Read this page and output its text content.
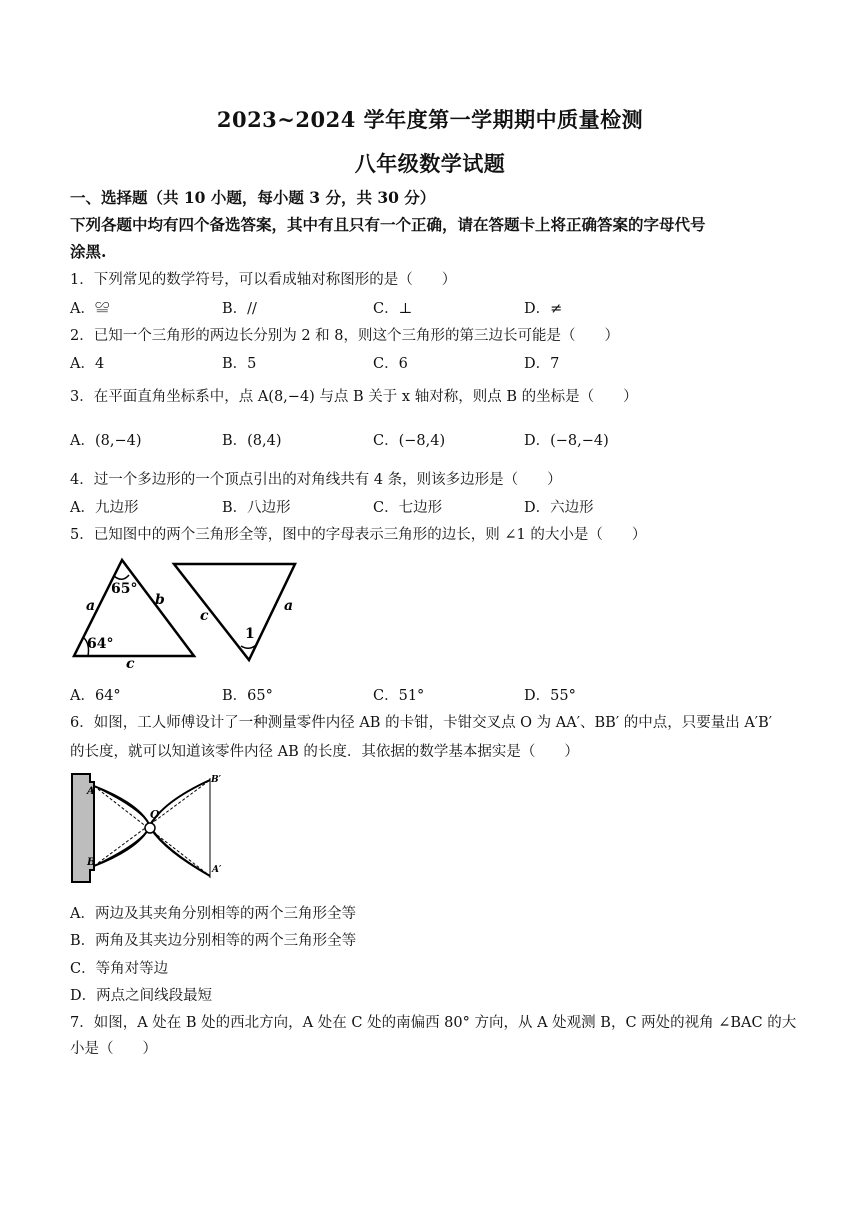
2023~2024 学年度第一学期期中质量检测
八年级数学试题
一、选择题（共 10 小题，每小题 3 分，共 30 分）
下列各题中均有四个备选答案，其中有且只有一个正确，请在答题卡上将正确答案的字母代号
涂黑.
1．下列常见的数学符号，可以看成轴对称图形的是（　　）
A．≌	B．//	C．⊥	D．≠
2．已知一个三角形的两边长分别为 2 和 8，则这个三角形的第三边长可能是（　　）
A．4	B．5	C．6	D．7
3．在平面直角坐标系中，点 A(8,−4) 与点 B 关于 x 轴对称，则点 B 的坐标是（　　）
A．(8,−4)	B．(8,4)	C．(−8,4)	D．(−8,−4)
4．过一个多边形的一个顶点引出的对角线共有 4 条，则该多边形是（　　）
A．九边形	B．八边形	C．七边形	D．六边形
5．已知图中的两个三角形全等，图中的字母表示三角形的边长，则 ∠1 的大小是（　　）
65°
64°
a	b
c
1
c
a
A．64°	B．65°	C．51°	D．55°
6．如图，工人师傅设计了一种测量零件内径 AB 的卡钳，卡钳交叉点 O 为 AA′、BB′ 的中点，只要量出 A′B′
的长度，就可以知道该零件内径 AB 的长度．其依据的数学基本据实是（　　）
A
B
O
B′
A′
A．两边及其夹角分别相等的两个三角形全等
B．两角及其夹边分别相等的两个三角形全等
C．等角对等边
D．两点之间线段最短
7．如图，A 处在 B 处的西北方向，A 处在 C 处的南偏西 80° 方向，从 A 处观测 B，C 两处的视角 ∠BAC 的大
小是（　　）
